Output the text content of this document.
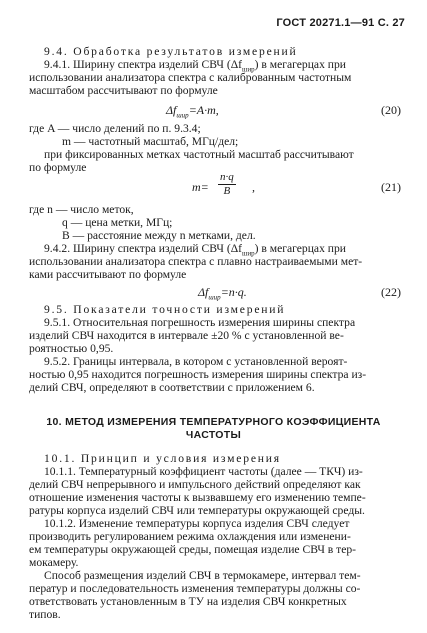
ГОСТ 20271.1—91 С. 27
9.4. Обработка результатов измерений
9.4.1. Ширину спектра изделий СВЧ $(\Delta f_{шир})$ в мегагерцах при
использовании анализатора спектра с калиброванным частотным
масштабом рассчитывают по формуле
$\Delta f_{шир}=A\cdot m$,	(20)
где A — число делений по п. 9.3.4;
m — частотный масштаб, МГц/дел;
при фиксированных метках частотный масштаб рассчитывают
по формуле
$m= \frac{n\cdot q}{B}$ ,	(21)
где n — число меток,
q — цена метки, МГц;
B — расстояние между n метками, дел.
9.4.2. Ширину спектра изделий СВЧ $(\Delta f_{шир})$ в мегагерцах при
использовании анализатора спектра с плавно настраиваемыми мет-
ками рассчитывают по формуле
$\Delta f_{шир}=n\cdot q$.	(22)
9.5. Показатели точности измерений
9.5.1. Относительная погрешность измерения ширины спектра
изделий СВЧ находится в интервале ±20 % с установленной ве-
роятностью 0,95.
9.5.2. Границы интервала, в котором с установленной вероят-
ностью 0,95 находится погрешность измерения ширины спектра из-
делий СВЧ, определяют в соответствии с приложением 6.
10. МЕТОД ИЗМЕРЕНИЯ ТЕМПЕРАТУРНОГО КОЭФФИЦИЕНТА
ЧАСТОТЫ
10.1. Принцип и условия измерения
10.1.1. Температурный коэффициент частоты (далее — ТКЧ) из-
делий СВЧ непрерывного и импульсного действий определяют как
отношение изменения частоты к вызвавшему его изменению темпе-
ратуры корпуса изделий СВЧ или температуры окружающей среды.
10.1.2. Изменение температуры корпуса изделия СВЧ следует
производить регулированием режима охлаждения или изменени-
ем температуры окружающей среды, помещая изделие СВЧ в тер-
мокамеру.
Способ размещения изделий СВЧ в термокамере, интервал тем-
ператур и последовательность изменения температуры должны со-
ответствовать установленным в ТУ на изделия СВЧ конкретных
типов.
